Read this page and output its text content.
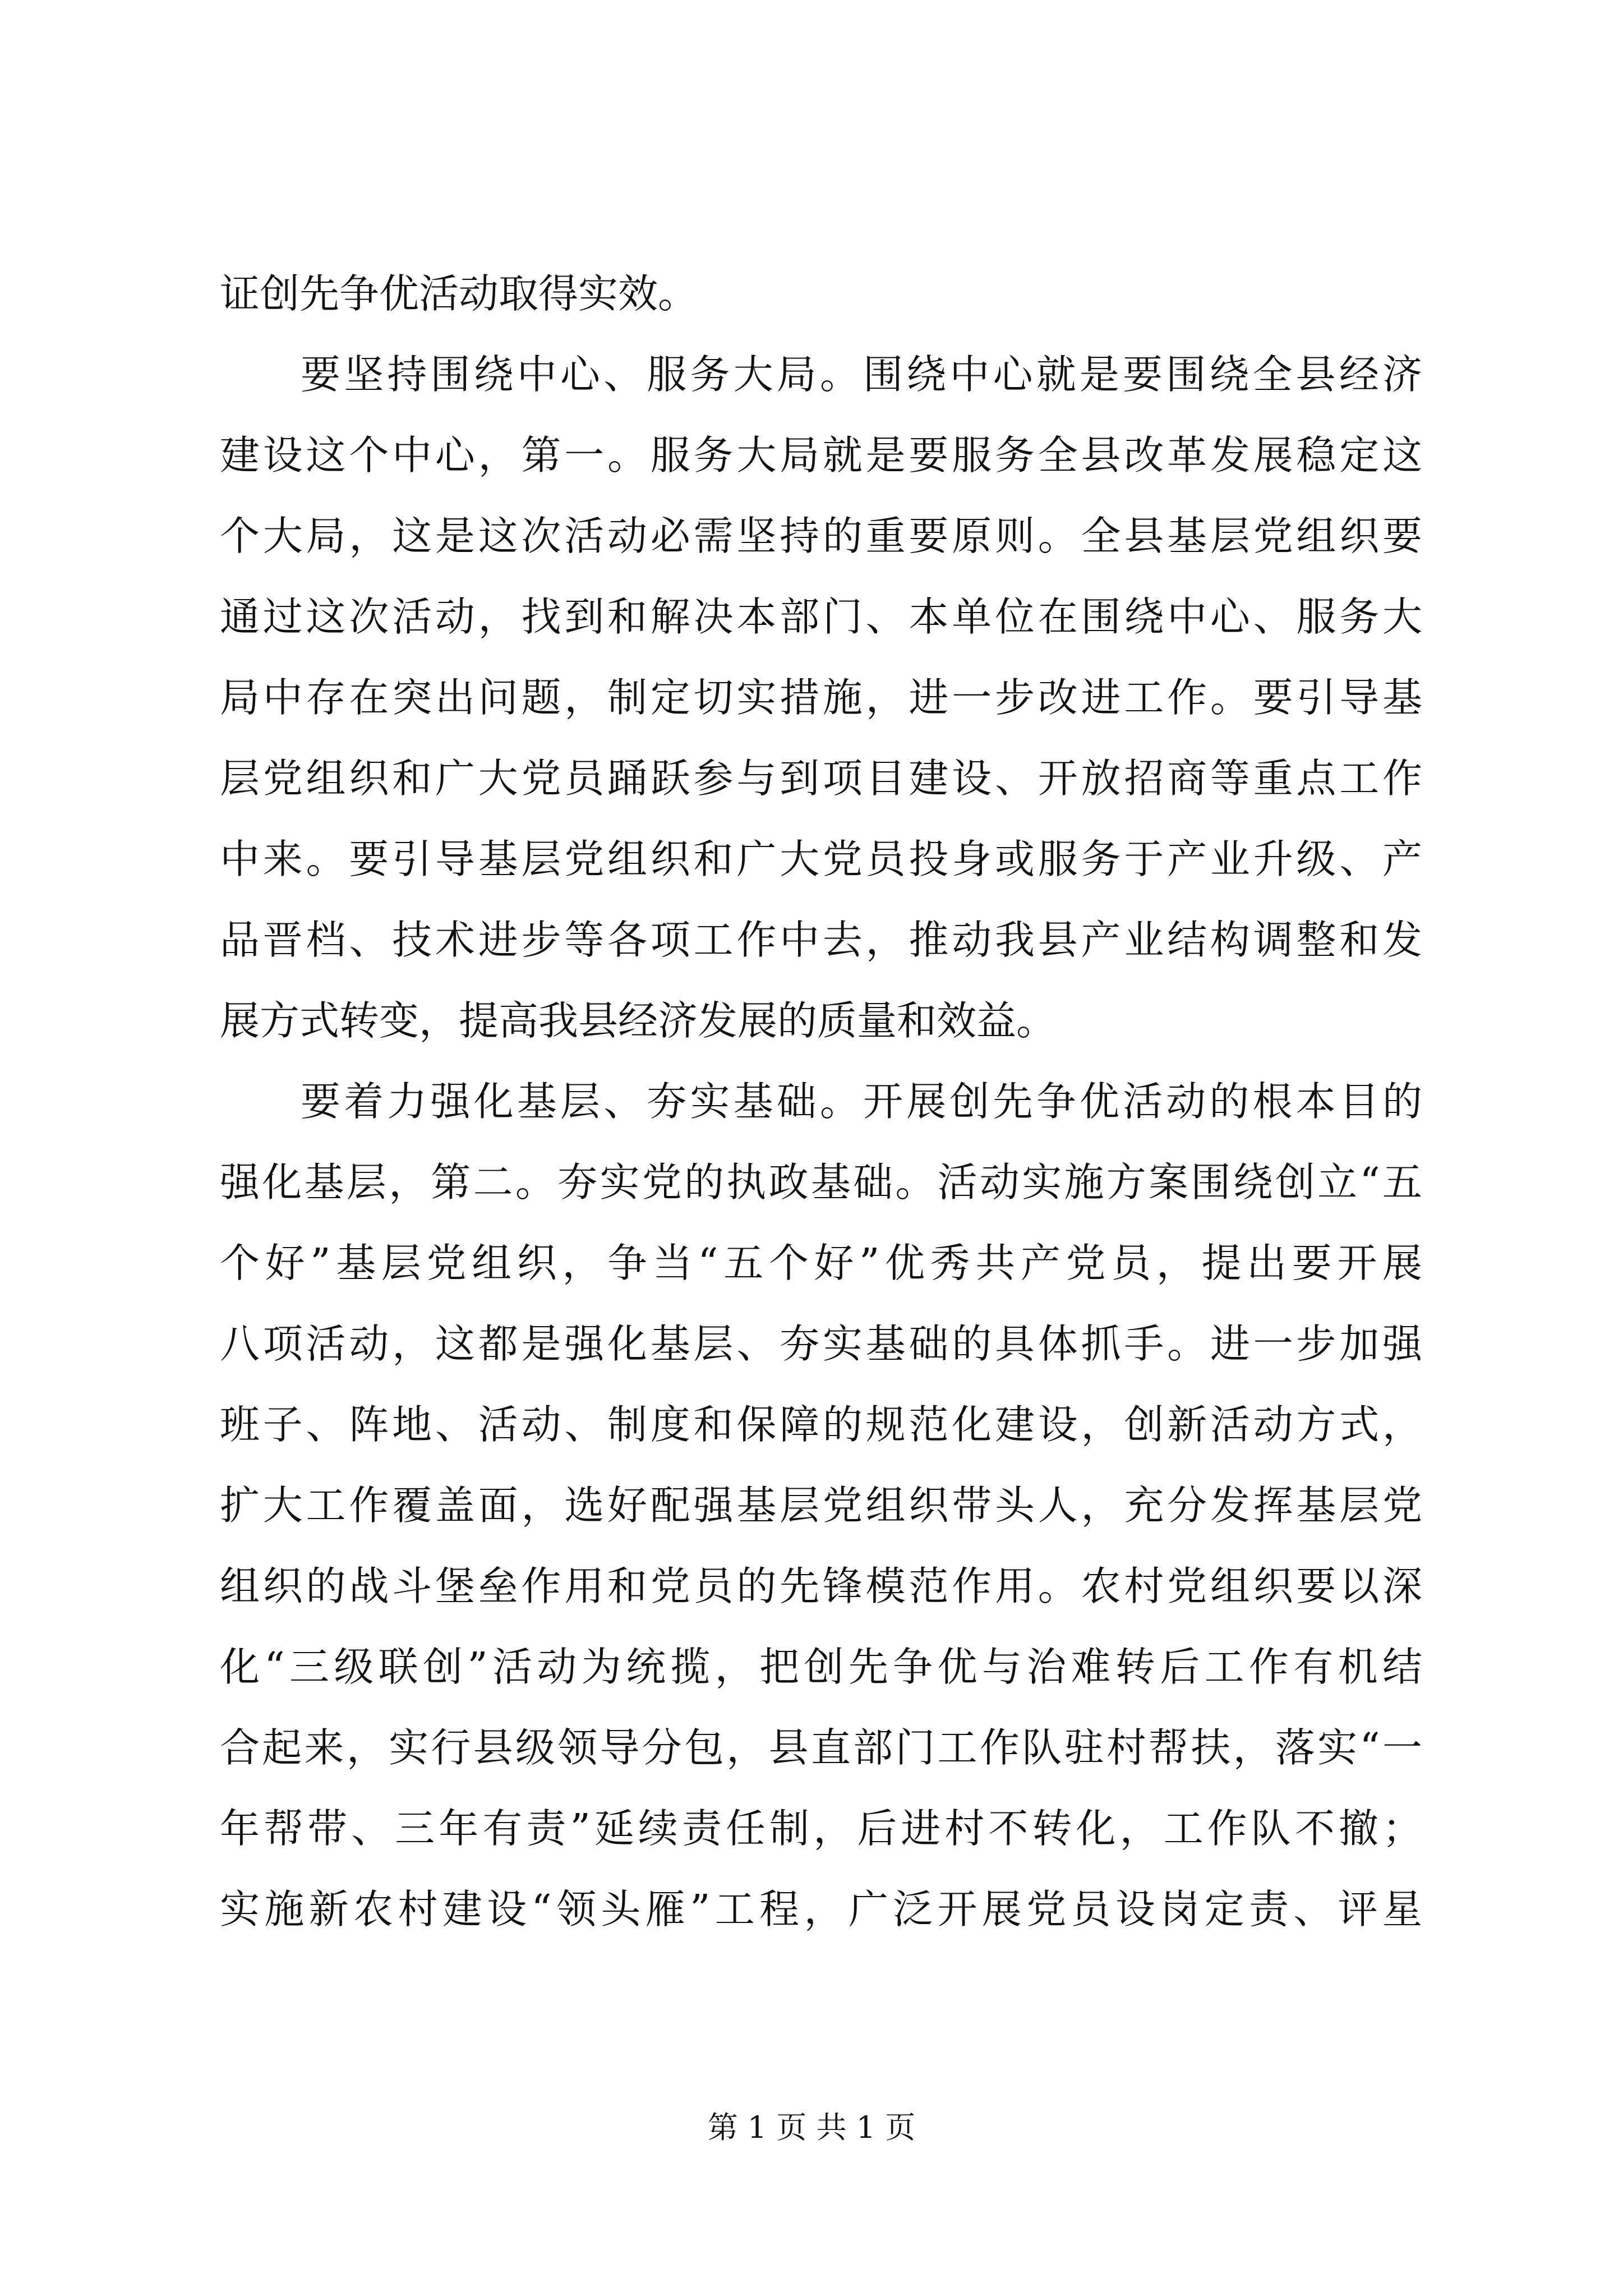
证创先争优活动取得实效。
要坚持围绕中心、服务大局。围绕中心就是要围绕全县经济
建设这个中心，第一。服务大局就是要服务全县改革发展稳定这
个大局，这是这次活动必需坚持的重要原则。全县基层党组织要
通过这次活动，找到和解决本部门、本单位在围绕中心、服务大
局中存在突出问题，制定切实措施，进一步改进工作。要引导基
层党组织和广大党员踊跃参与到项目建设、开放招商等重点工作
中来。要引导基层党组织和广大党员投身或服务于产业升级、产
品晋档、技术进步等各项工作中去，推动我县产业结构调整和发
展方式转变，提高我县经济发展的质量和效益。
要着力强化基层、夯实基础。开展创先争优活动的根本目的
强化基层，第二。夯实党的执政基础。活动实施方案围绕创立“五
个好”基层党组织，争当“五个好”优秀共产党员，提出要开展
八项活动，这都是强化基层、夯实基础的具体抓手。进一步加强
班子、阵地、活动、制度和保障的规范化建设，创新活动方式，
扩大工作覆盖面，选好配强基层党组织带头人，充分发挥基层党
组织的战斗堡垒作用和党员的先锋模范作用。农村党组织要以深
化“三级联创”活动为统揽，把创先争优与治难转后工作有机结
合起来，实行县级领导分包，县直部门工作队驻村帮扶，落实“一
年帮带、三年有责”延续责任制，后进村不转化，工作队不撤；
实施新农村建设“领头雁”工程，广泛开展党员设岗定责、评星
第 1 页 共 1 页
